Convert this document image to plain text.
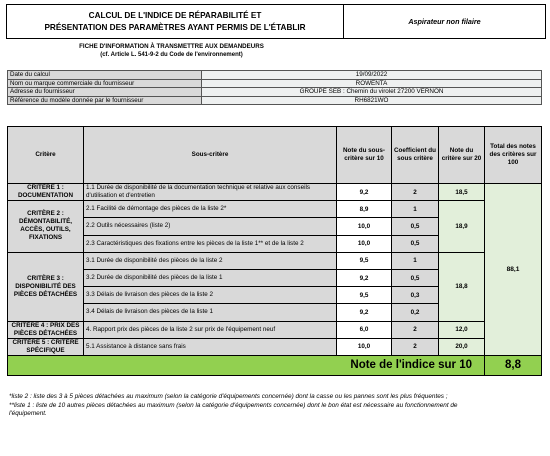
CALCUL DE L'INDICE DE RÉPARABILITÉ ET
PRÉSENTATION DES PARAMÈTRES AYANT PERMIS DE L'ÉTABLIR
Aspirateur non filaire
FICHE D'INFORMATION À TRANSMETTRE AUX DEMANDEURS
(cf. Article L. 541-9-2 du Code de l'environnement)
Date du calcul	19/09/2022
Nom ou marque commerciale du fournisseur	ROWENTA
Adresse du fournisseur	GROUPE SEB : Chemin du virolet 27200 VERNON
Référence du modèle donnée par le fournisseur	RH6821WO
Critère	Sous-critère	Note du sous-critère sur 10	Coefficient du sous critère	Note du critère sur 20	Total des notes des critères sur 100
CRITÈRE 1 : DOCUMENTATION	1.1 Durée de disponibilité de la documentation technique et relative aux conseils d'utilisation et d'entretien	9,2	2	18,5	88,1
CRITÈRE 2 : DÉMONTABILITÉ, ACCÈS, OUTILS, FIXATIONS	2.1 Facilité de démontage des pièces de la liste 2*	8,9	1	18,9	
	2.2 Outils nécessaires (liste 2)	10,0	0,5		
	2.3 Caractéristiques des fixations entre les pièces de la liste 1** et de la liste 2	10,0	0,5		
CRITÈRE 3 : DISPONIBILITÉ DES PIÈCES DÉTACHÉES	3.1 Durée de disponibilité des pièces de la liste 2	9,5	1	18,8	
	3.2 Durée de disponibilité des pièces de la liste 1	9,2	0,5		
	3.3 Délais de livraison des pièces de la liste 2	9,5	0,3		
	3.4 Délais de livraison des pièces de la liste 1	9,2	0,2		
CRITÈRE 4 : PRIX DES PIÈCES DÉTACHÉES	4. Rapport prix des pièces de la liste 2 sur prix de l'équipement neuf	6,0	2	12,0	
CRITÈRE 5 : CRITÈRE SPÉCIFIQUE	5.1 Assistance à distance sans frais	10,0	2	20,0	
Note de l'indice sur 10					8,8
*liste 2 : liste des 3 à 5 pièces détachées au maximum (selon la catégorie d'équipements concernée) dont la casse ou les pannes sont les plus fréquentes ;
**liste 1 : liste de 10 autres pièces détachées au maximum (selon la catégorie d'équipements concernée) dont le bon état est nécessaire au fonctionnement de
l'équipement.
